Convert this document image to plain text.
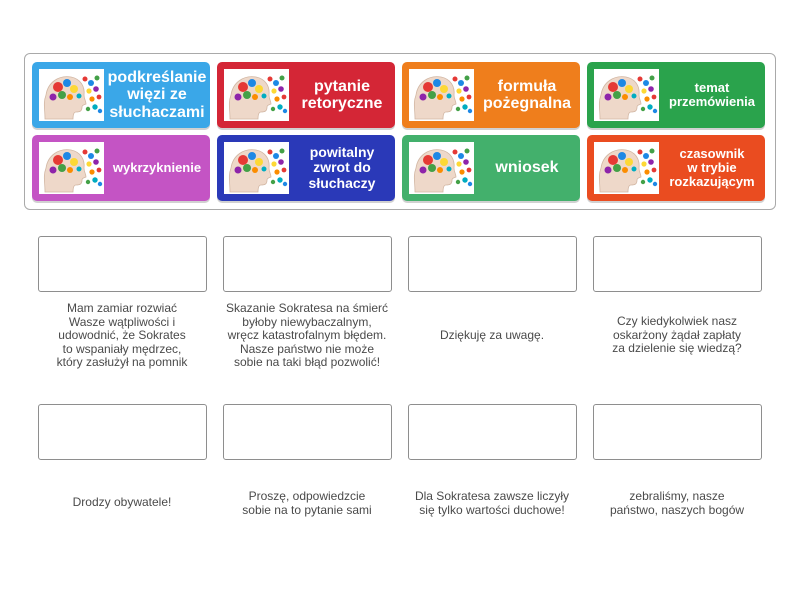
podkreślanie
więzi ze
słuchaczami
pytanie
retoryczne
formuła
pożegnalna
temat
przemówienia
wykrzyknienie
powitalny
zwrot do
słuchaczy
wniosek
czasownik
w trybie
rozkazującym
Mam zamiar rozwiać
Wasze wątpliwości i
udowodnić, że Sokrates
to wspaniały mędrzec,
który zasłużył na pomnik
Skazanie Sokratesa na śmierć
byłoby niewybaczalnym,
wręcz katastrofalnym błędem.
Nasze państwo nie może
sobie na taki błąd pozwolić!
Dziękuję za uwagę.
Czy kiedykolwiek nasz
oskarżony żądał zapłaty
za dzielenie się wiedzą?
Drodzy obywatele!	Proszę, odpowiedzcie
sobie na to pytanie sami
Dla Sokratesa zawsze liczyły
się tylko wartości duchowe!
zebraliśmy, nasze
państwo, naszych bogów
